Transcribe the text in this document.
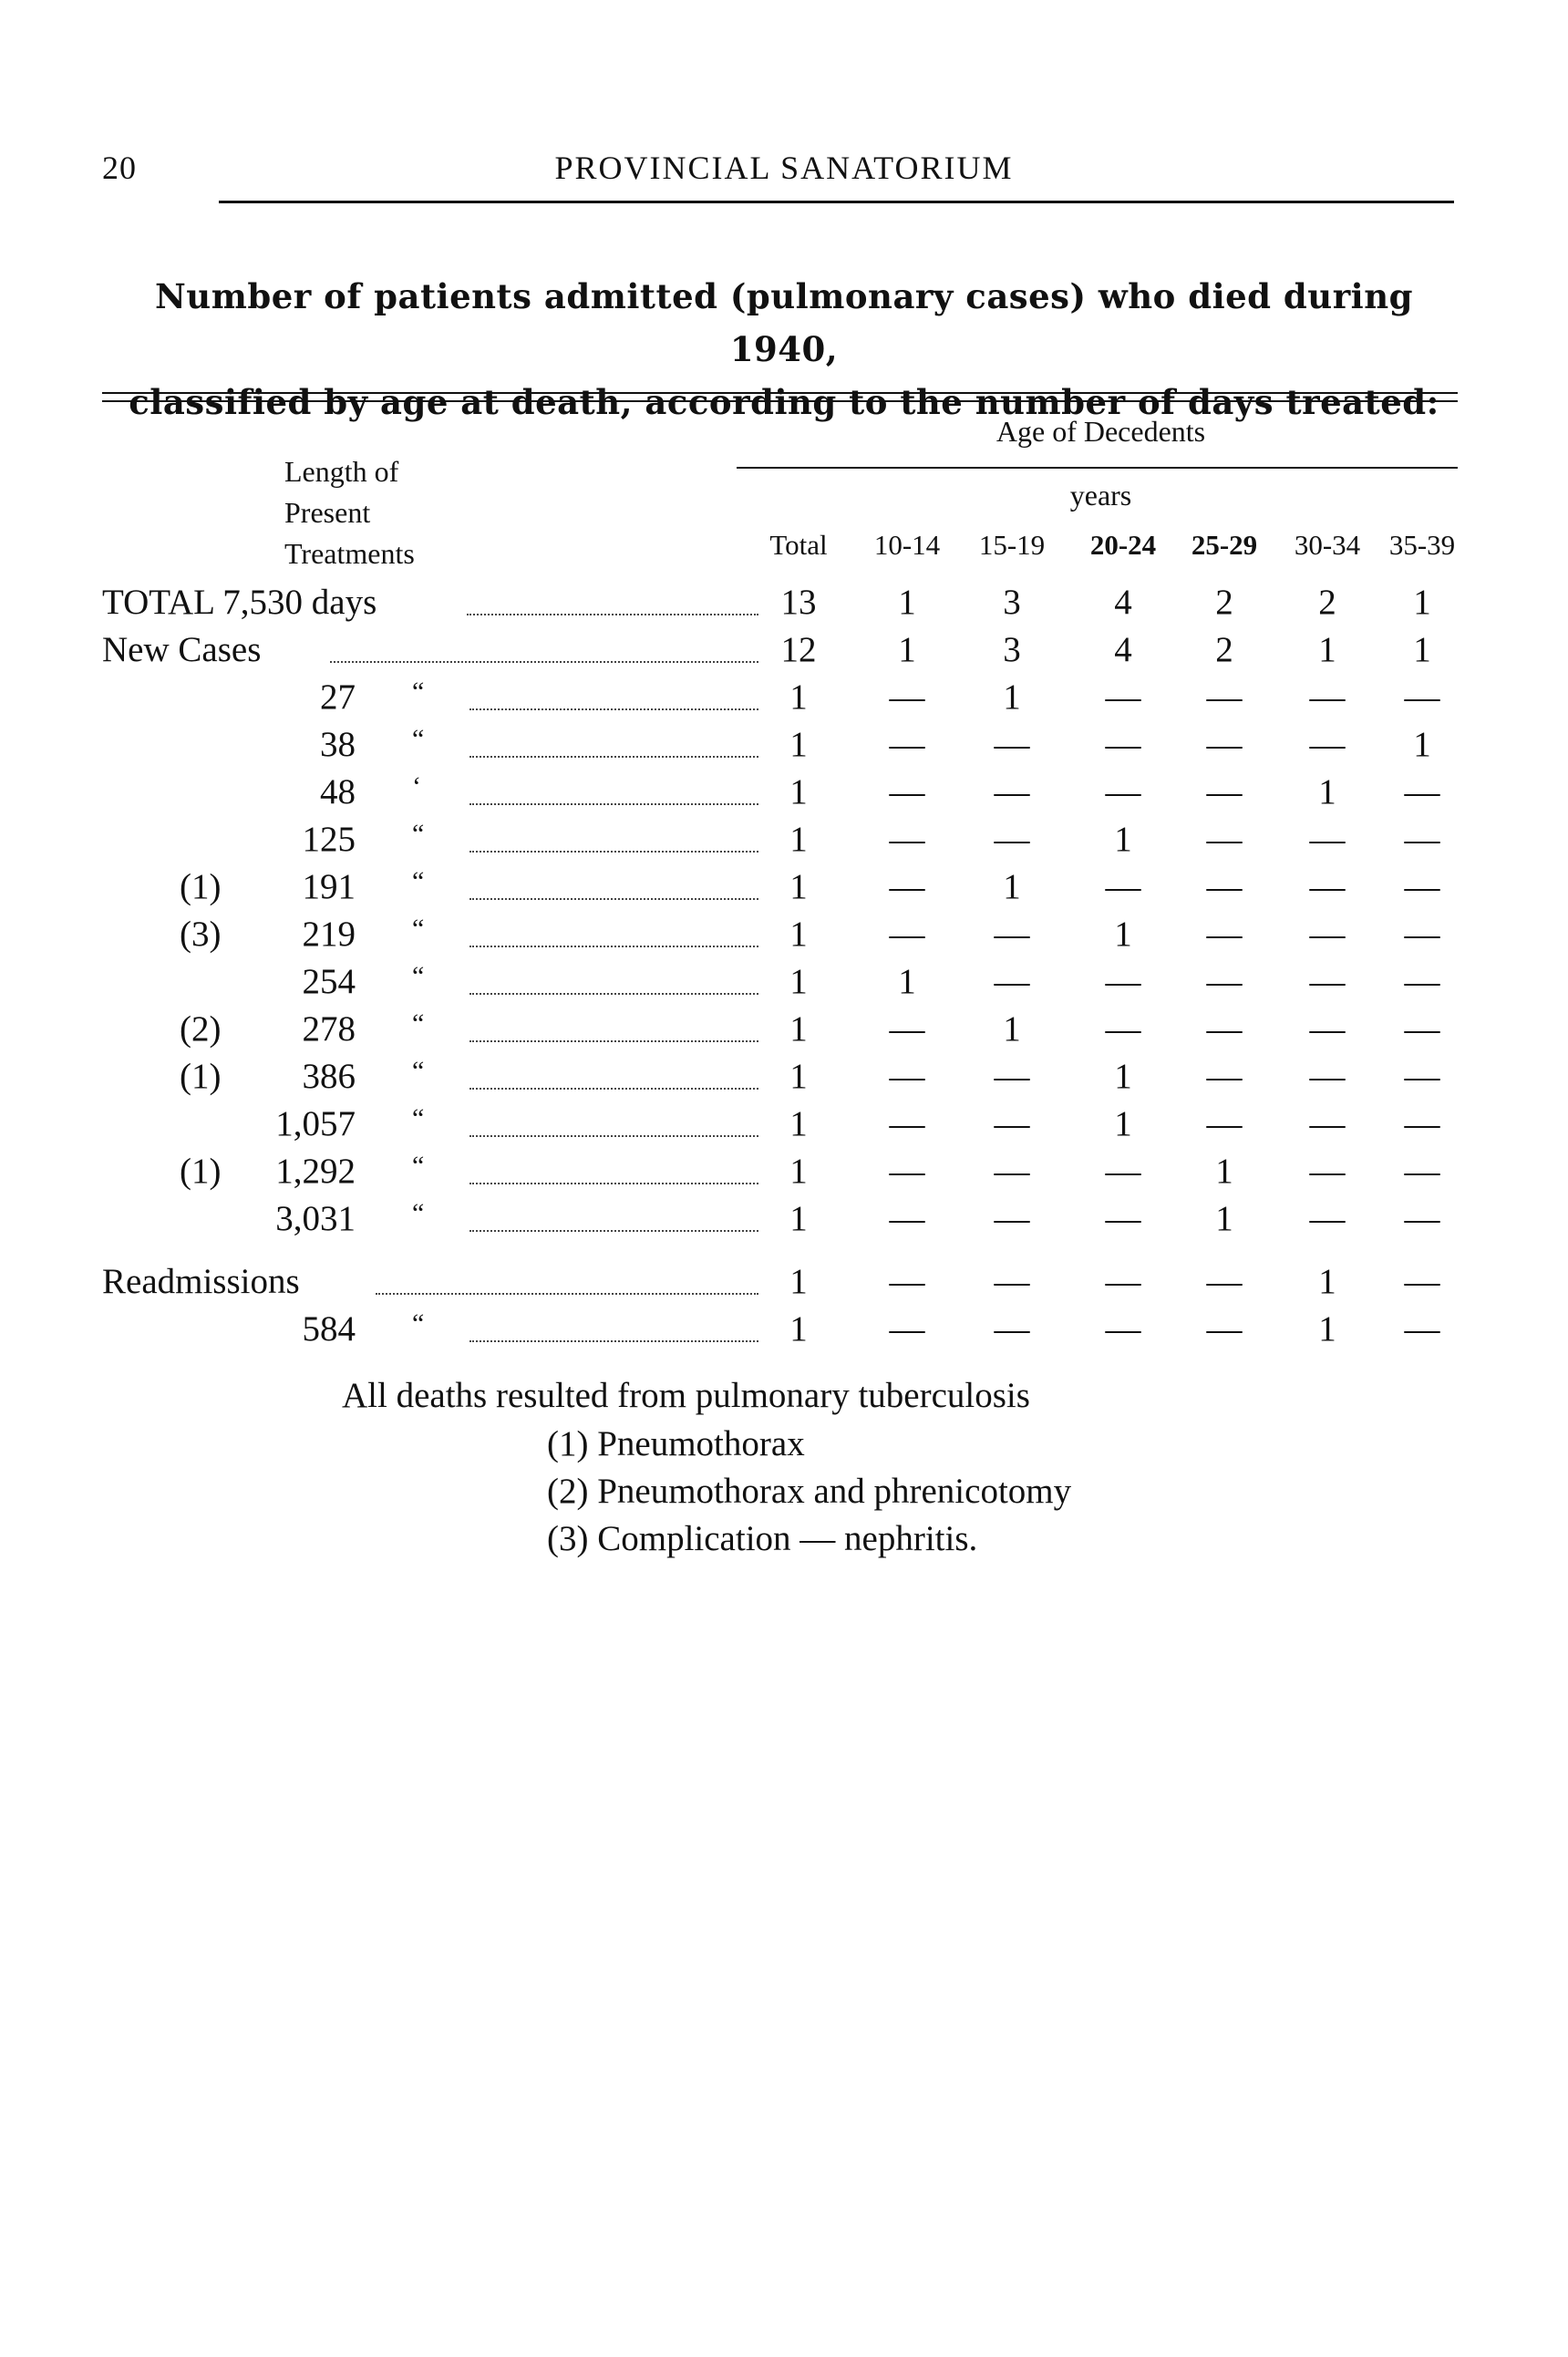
20	PROVINCIAL SANATORIUM
Number of patients admitted (pulmonary cases) who died during 1940,
classified by age at death, according to the number of days treated:
Length of
Present
Treatments
Age of Decedents
years
Total	10-14	15-19	20-24	25-29	30-34	35-39
TOTAL 7,530 days	13	1	3	4	2	2	1
New Cases	12	1	3	4	2	1	1
27 “	1	—	1	—	—	—	—
38 “	1	—	—	—	—	—	1
48 ‘	1	—	—	—	—	1	—
125 “	1	—	—	1	—	—	—
(1)	191 “	1	—	1	—	—	—	—
(3)	219 “	1	—	—	1	—	—	—
254 “	1	1	—	—	—	—	—
(2)	278 “	1	—	1	—	—	—	—
(1)	386 “	1	—	—	1	—	—	—
1,057 “	1	—	—	1	—	—	—
(1)	1,292 “	1	—	—	—	1	—	—
3,031 “	1	—	—	—	1	—	—
Readmissions	1	—	—	—	—	1	—
584 “	1	—	—	—	—	1	—
All deaths resulted from pulmonary tuberculosis
(1) Pneumothorax
(2) Pneumothorax and phrenicotomy
(3) Complication — nephritis.
